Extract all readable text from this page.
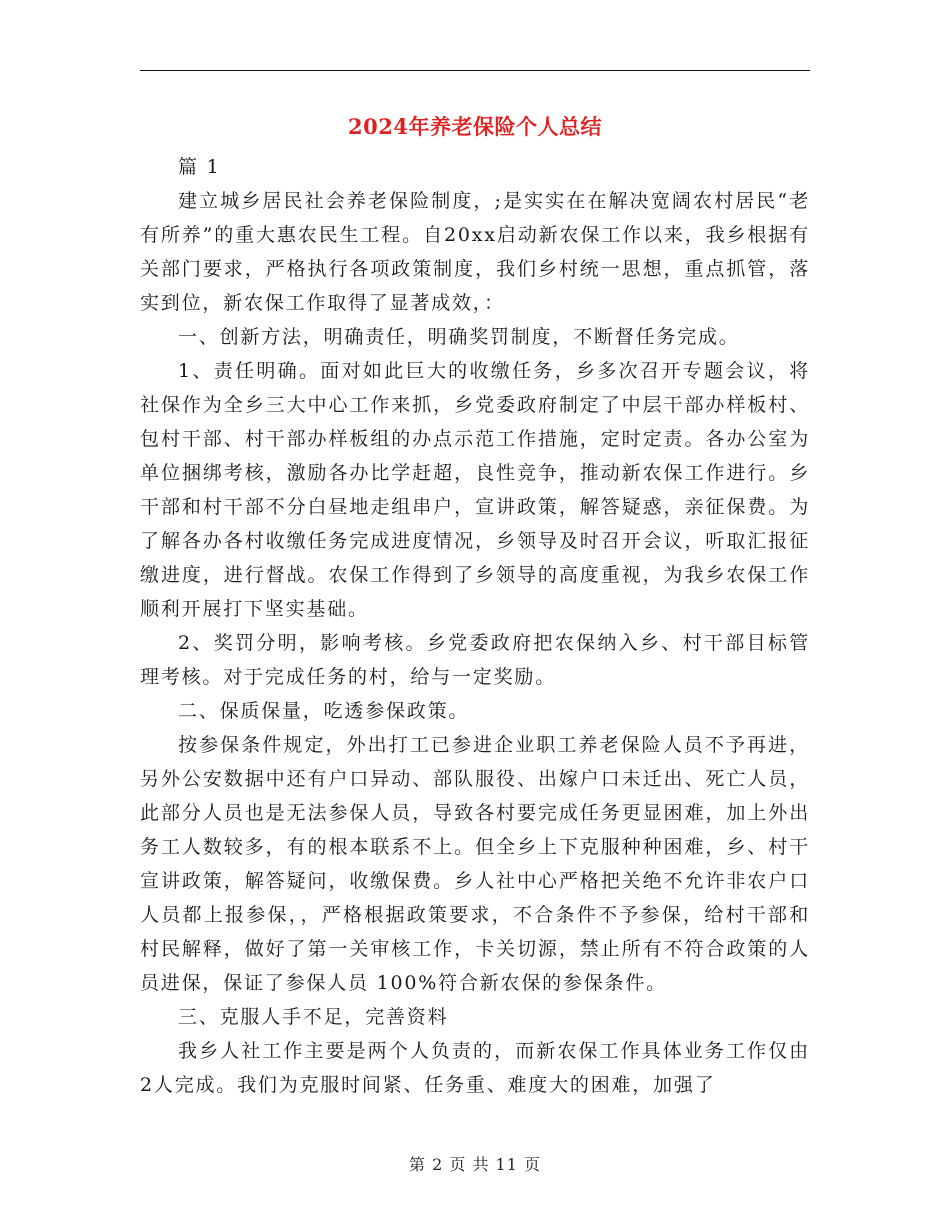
2024年养老保险个人总结

篇 1

建立城乡居民社会养老保险制度，;是实实在在解决宽阔农村居民“老有所养”的重大惠农民生工程。自20xx启动新农保工作以来，我乡根据有关部门要求，严格执行各项政策制度，我们乡村统一思想，重点抓管，落实到位，新农保工作取得了显著成效，：

一、创新方法，明确责任，明确奖罚制度，不断督任务完成。

1、责任明确。面对如此巨大的收缴任务，乡多次召开专题会议，将社保作为全乡三大中心工作来抓，乡党委政府制定了中层干部办样板村、包村干部、村干部办样板组的办点示范工作措施，定时定责。各办公室为单位捆绑考核，激励各办比学赶超，良性竞争，推动新农保工作进行。乡干部和村干部不分白昼地走组串户，宣讲政策，解答疑惑，亲征保费。为了解各办各村收缴任务完成进度情况，乡领导及时召开会议，听取汇报征缴进度，进行督战。农保工作得到了乡领导的高度重视，为我乡农保工作顺利开展打下坚实基础。

2、奖罚分明，影响考核。乡党委政府把农保纳入乡、村干部目标管理考核。对于完成任务的村，给与一定奖励。

二、保质保量，吃透参保政策。

按参保条件规定，外出打工已参进企业职工养老保险人员不予再进，另外公安数据中还有户口异动、部队服役、出嫁户口未迁出、死亡人员，此部分人员也是无法参保人员，导致各村要完成任务更显困难，加上外出务工人数较多，有的根本联系不上。但全乡上下克服种种困难，乡、村干宣讲政策，解答疑问，收缴保费。乡人社中心严格把关绝不允许非农户口人员都上报参保，，严格根据政策要求，不合条件不予参保，给村干部和村民解释，做好了第一关审核工作，卡关切源，禁止所有不符合政策的人员进保，保证了参保人员 100%符合新农保的参保条件。

三、克服人手不足，完善资料

我乡人社工作主要是两个人负责的，而新农保工作具体业务工作仅由2人完成。我们为克服时间紧、任务重、难度大的困难，加强了

第 2 页 共 11 页
